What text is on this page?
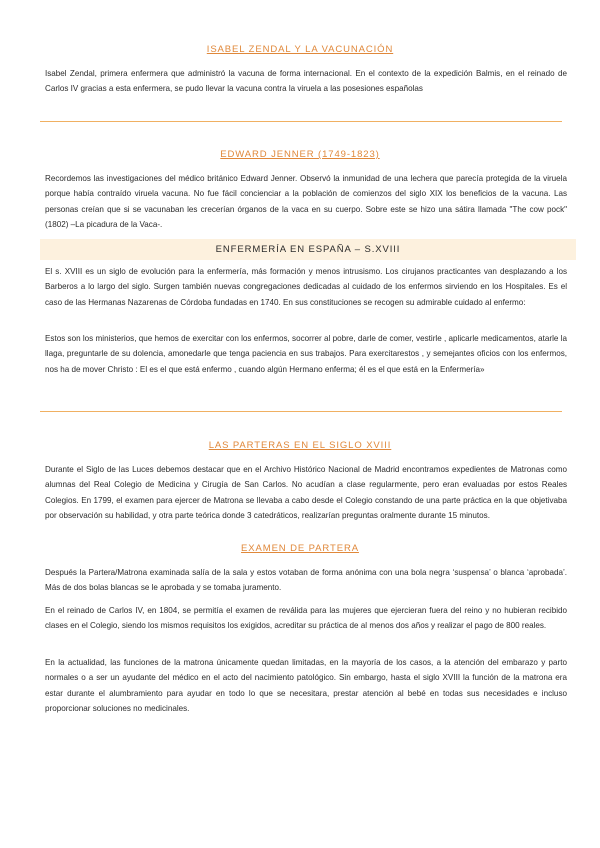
ISABEL ZENDAL Y LA VACUNACIÓN
Isabel Zendal, primera enfermera que administró la vacuna de forma internacional. En el contexto de la expedición Balmis, en el reinado de Carlos IV gracias a esta enfermera, se pudo llevar la vacuna contra la viruela a las posesiones españolas
EDWARD JENNER (1749-1823)
Recordemos las investigaciones del médico británico Edward Jenner. Observó la inmunidad de una lechera que parecía protegida de la viruela porque había contraído viruela vacuna. No fue fácil concienciar a la población de comienzos del siglo XIX los beneficios de la vacuna. Las personas creían que si se vacunaban les crecerían órganos de la vaca en su cuerpo. Sobre este se hizo una sátira llamada "The cow pock" (1802) –La picadura de la Vaca-.
ENFERMERÍA EN ESPAÑA – S.XVIII
El s. XVIII es un siglo de evolución para la enfermería, más formación y menos intrusismo. Los cirujanos practicantes van desplazando a los Barberos a lo largo del siglo. Surgen también nuevas congregaciones dedicadas al cuidado de los enfermos sirviendo en los Hospitales. Es el caso de las Hermanas Nazarenas de Córdoba fundadas en 1740. En sus constituciones se recogen su admirable cuidado al enfermo:
Estos son los ministerios, que hemos de exercitar con los enfermos, socorrer al pobre, darle de comer, vestirle , aplicarle medicamentos, atarle la llaga, preguntarle de su dolencia, amonedarle que tenga paciencia en sus trabajos. Para exercitarestos , y semejantes oficios con los enfermos, nos ha de mover Christo : El es el que está enfermo , cuando algún Hermano enferma; él es el que está en la Enfermería»
LAS PARTERAS EN EL SIGLO XVIII
Durante el Siglo de las Luces debemos destacar que en el Archivo Histórico Nacional de Madrid encontramos expedientes de Matronas como alumnas del Real Colegio de Medicina y Cirugía de San Carlos. No acudían a clase regularmente, pero eran evaluadas por estos Reales Colegios. En 1799, el examen para ejercer de Matrona se llevaba a cabo desde el Colegio constando de una parte práctica en la que objetivaba por observación su habilidad, y otra parte teórica donde 3 catedráticos, realizarían preguntas oralmente durante 15 minutos.
EXAMEN DE PARTERA
Después la Partera/Matrona examinada salía de la sala y estos votaban de forma anónima con una bola negra ‘suspensa’ o blanca ‘aprobada’. Más de dos bolas blancas se le aprobada y se tomaba juramento.
En el reinado de Carlos IV, en 1804, se permitía el examen de reválida para las mujeres que ejercieran fuera del reino y no hubieran recibido clases en el Colegio, siendo los mismos requisitos los exigidos, acreditar su práctica de al menos dos años y realizar el pago de 800 reales.
En la actualidad, las funciones de la matrona únicamente quedan limitadas, en la mayoría de los casos, a la atención del embarazo y parto normales o a ser un ayudante del médico en el acto del nacimiento patológico. Sin embargo, hasta el siglo XVIII la función de la matrona era estar durante el alumbramiento para ayudar en todo lo que se necesitara, prestar atención al bebé en todas sus necesidades e incluso proporcionar soluciones no medicinales.
